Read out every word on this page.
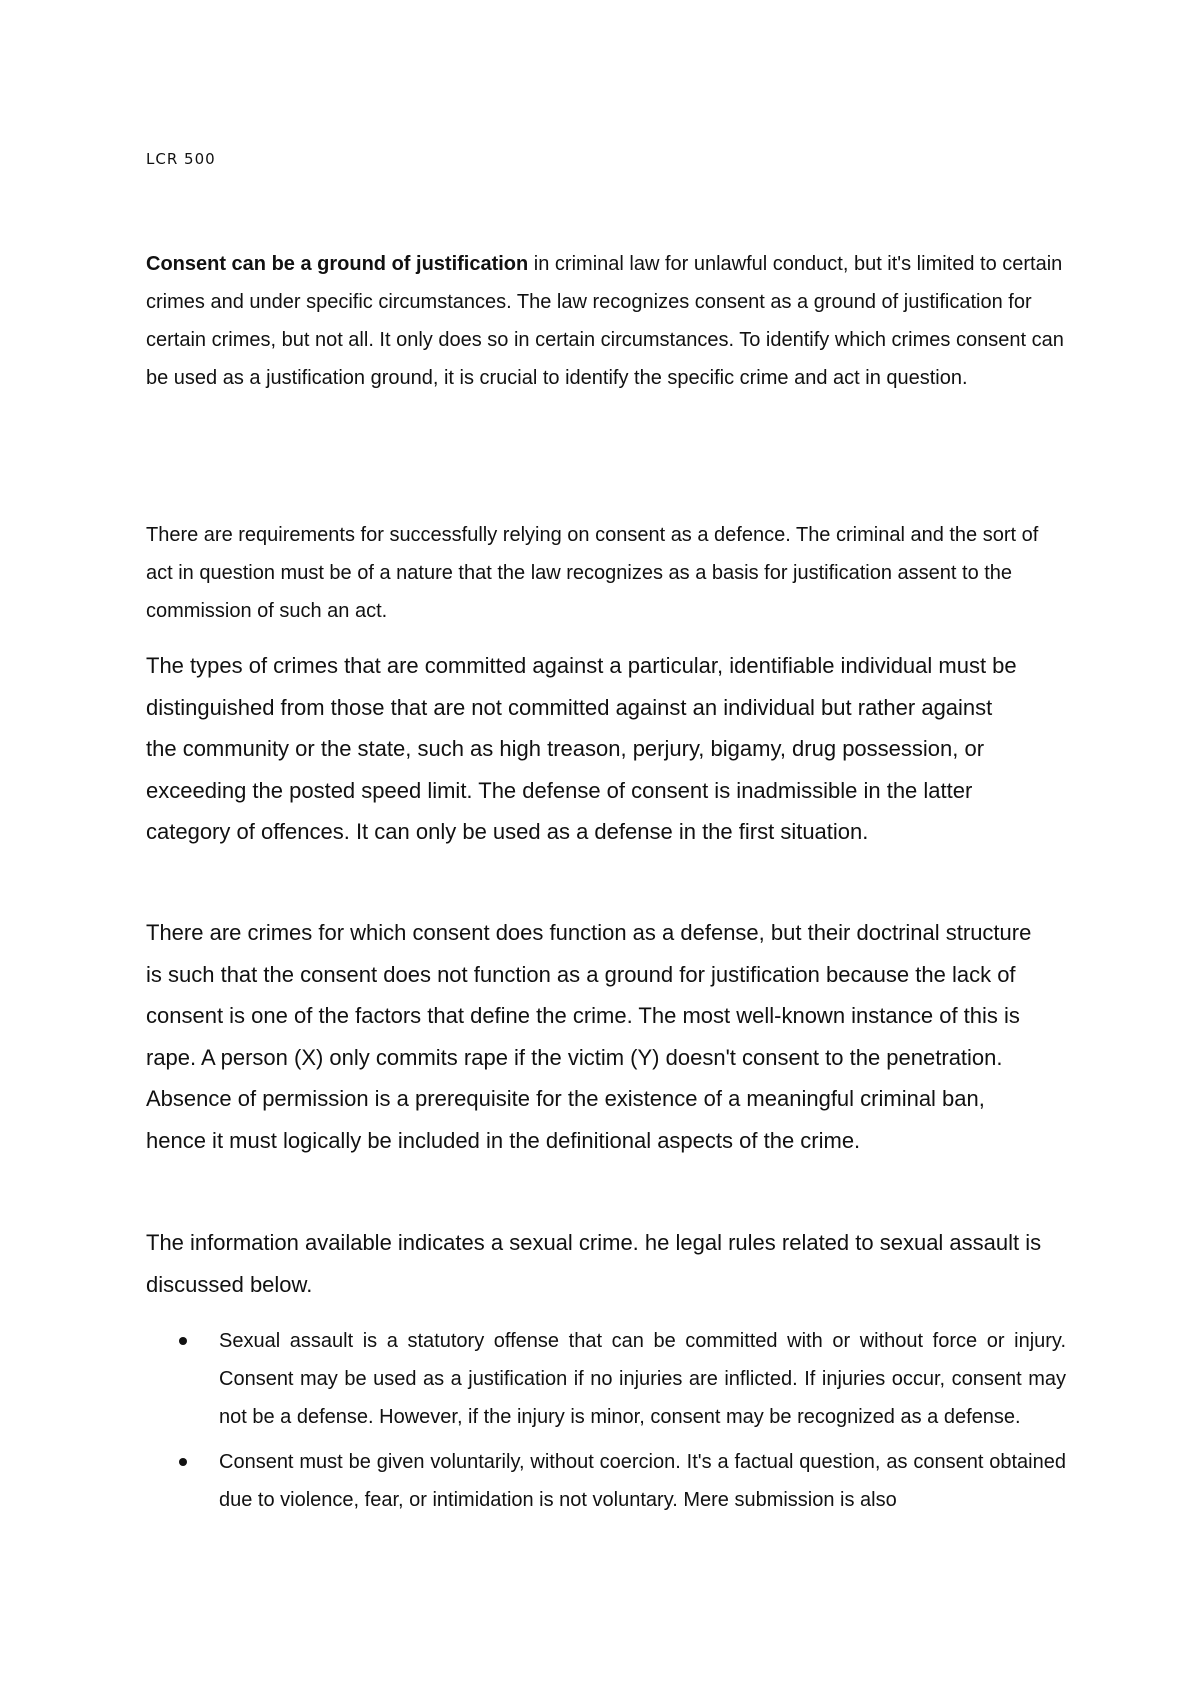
LCR 500

Consent can be a ground of justification in criminal law for unlawful conduct, but it's limited to certain crimes and under specific circumstances. The law recognizes consent as a ground of justification for certain crimes, but not all. It only does so in certain circumstances. To identify which crimes consent can be used as a justification ground, it is crucial to identify the specific crime and act in question.

There are requirements for successfully relying on consent as a defence. The criminal and the sort of act in question must be of a nature that the law recognizes as a basis for justification assent to the commission of such an act.

The types of crimes that are committed against a particular, identifiable individual must be distinguished from those that are not committed against an individual but rather against the community or the state, such as high treason, perjury, bigamy, drug possession, or exceeding the posted speed limit. The defense of consent is inadmissible in the latter category of offences. It can only be used as a defense in the first situation.

There are crimes for which consent does function as a defense, but their doctrinal structure is such that the consent does not function as a ground for justification because the lack of consent is one of the factors that define the crime. The most well-known instance of this is rape. A person (X) only commits rape if the victim (Y) doesn't consent to the penetration. Absence of permission is a prerequisite for the existence of a meaningful criminal ban, hence it must logically be included in the definitional aspects of the crime.

The information available indicates a sexual crime. he legal rules related to sexual assault is discussed below.

Sexual assault is a statutory offense that can be committed with or without force or injury. Consent may be used as a justification if no injuries are inflicted. If injuries occur, consent may not be a defense. However, if the injury is minor, consent may be recognized as a defense.
Consent must be given voluntarily, without coercion. It's a factual question, as consent obtained due to violence, fear, or intimidation is not voluntary. Mere submission is also
